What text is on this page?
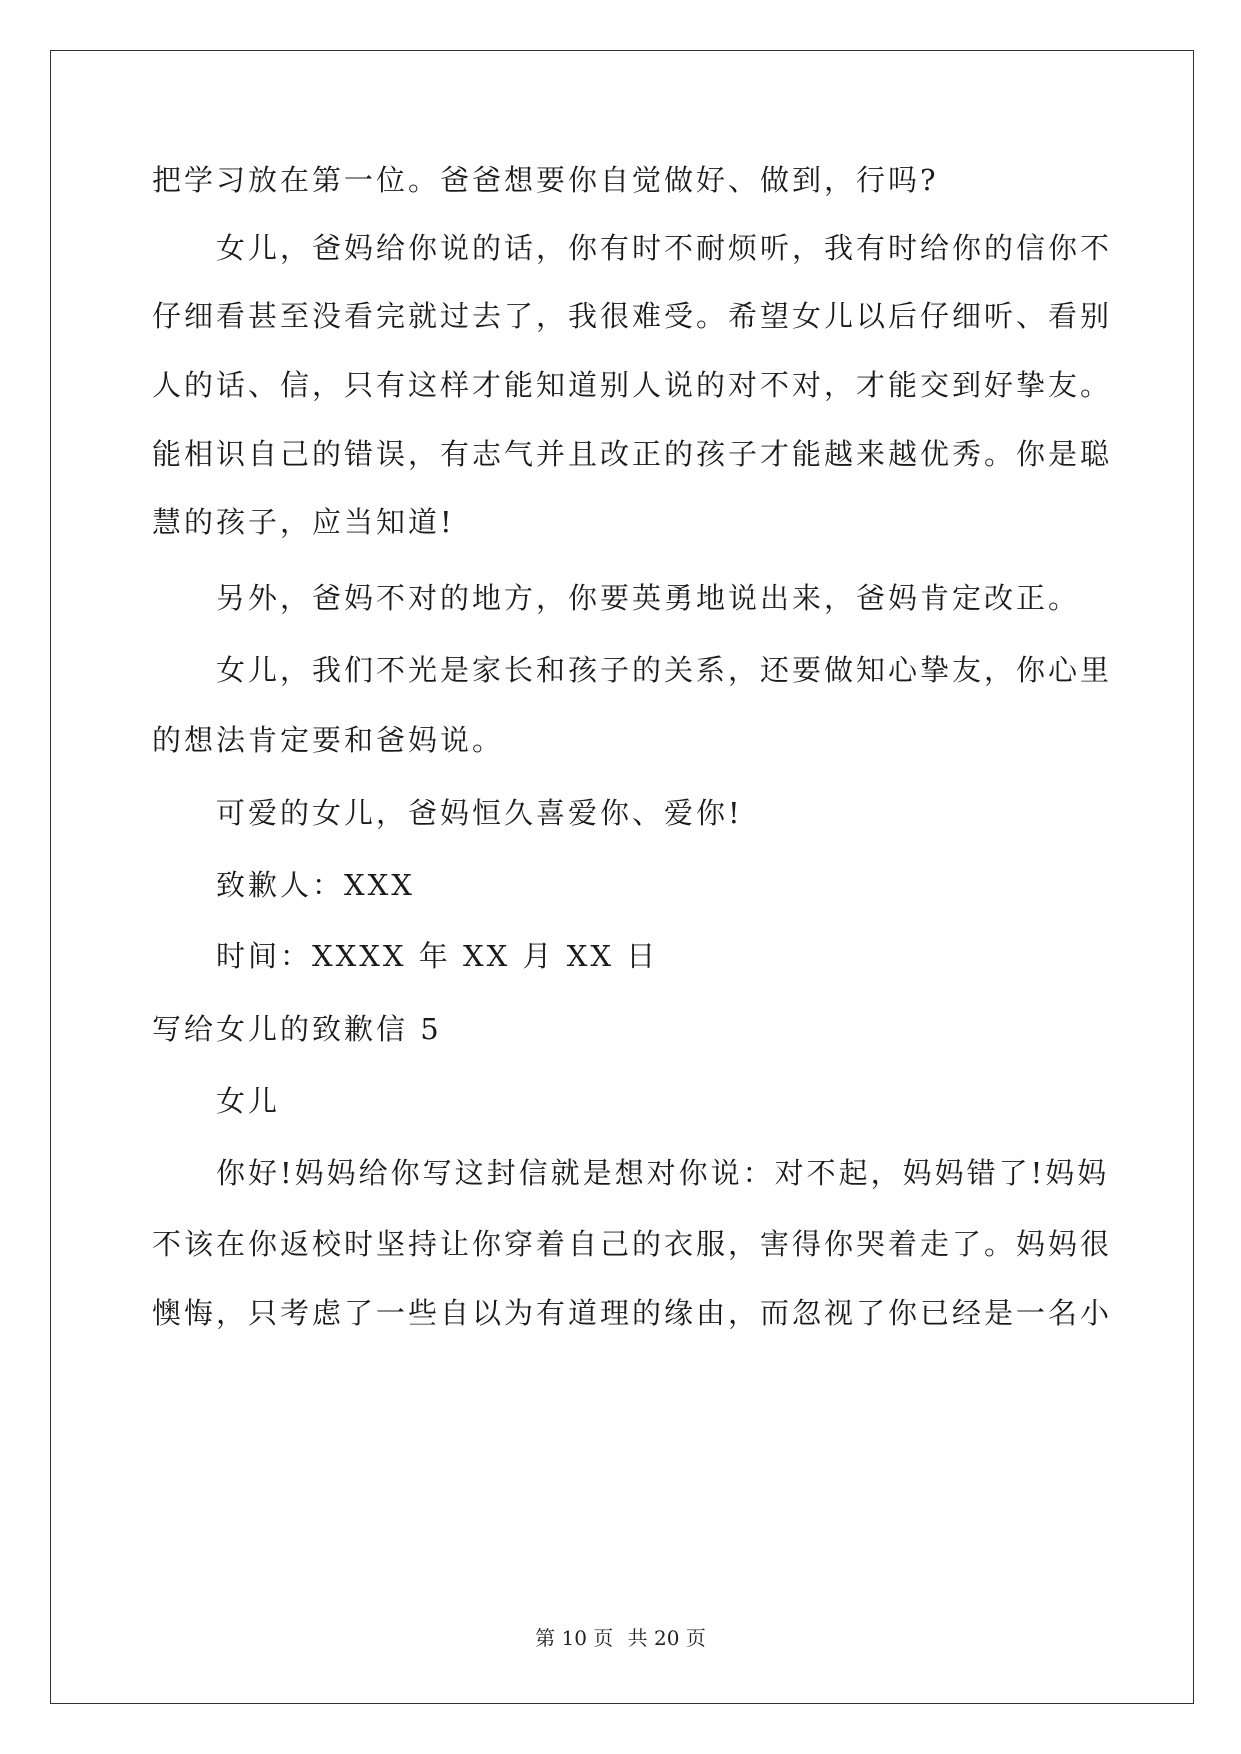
把学习放在第一位。爸爸想要你自觉做好、做到，行吗?
女儿，爸妈给你说的话，你有时不耐烦听，我有时给你的信你不
仔细看甚至没看完就过去了，我很难受。希望女儿以后仔细听、看别
人的话、信，只有这样才能知道别人说的对不对，才能交到好挚友。
能相识自己的错误，有志气并且改正的孩子才能越来越优秀。你是聪
慧的孩子，应当知道!
另外，爸妈不对的地方，你要英勇地说出来，爸妈肯定改正。
女儿，我们不光是家长和孩子的关系，还要做知心挚友，你心里
的想法肯定要和爸妈说。
可爱的女儿，爸妈恒久喜爱你、爱你!
致歉人：XXX
时间：XXXX 年 XX 月 XX 日
写给女儿的致歉信 5
女儿
你好!妈妈给你写这封信就是想对你说：对不起，妈妈错了!妈妈
不该在你返校时坚持让你穿着自己的衣服，害得你哭着走了。妈妈很
懊悔，只考虑了一些自以为有道理的缘由，而忽视了你已经是一名小
第 10 页 共 20 页
